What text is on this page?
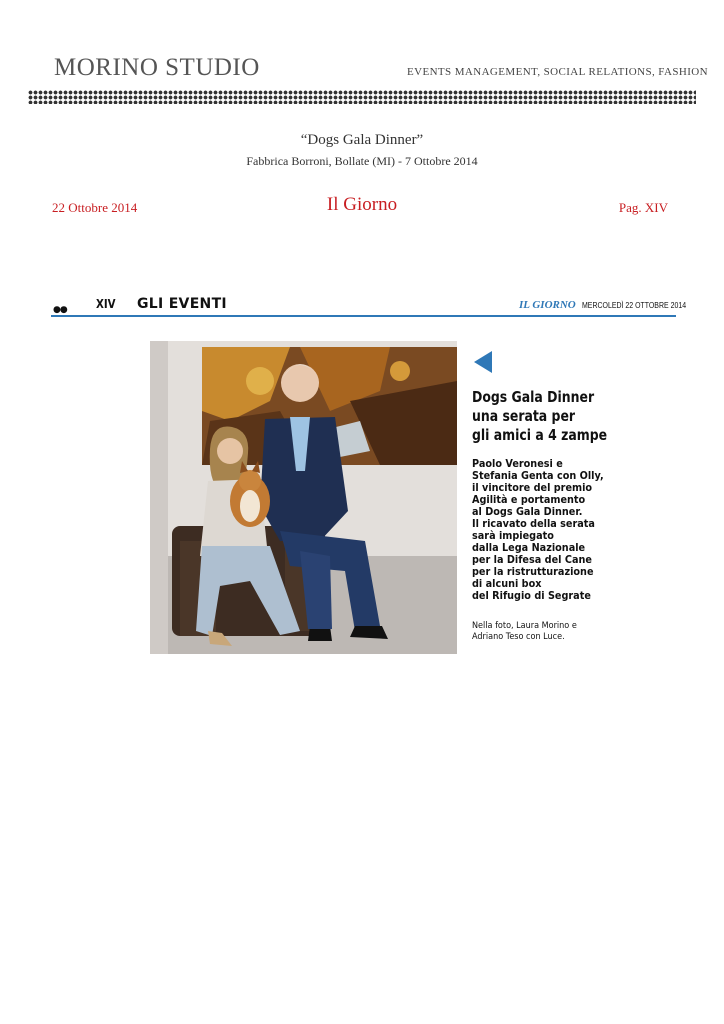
MORINO STUDIO	EVENTS MANAGEMENT, SOCIAL RELATIONS, FASHION
“Dogs Gala Dinner”
Fabbrica Borroni, Bollate (MI) - 7 Ottobre 2014
22 Ottobre 2014	Il Giorno	Pag. XIV
●● XIV GLI EVENTI	IL GIORNO MERCOLEDÌ 22 OTTOBRE 2014
Dogs Gala Dinner
una serata per
gli amici a 4 zampe
Paolo Veronesi e
Stefania Genta con Olly,
il vincitore del premio
Agilità e portamento
al Dogs Gala Dinner.
Il ricavato della serata
sarà impiegato
dalla Lega Nazionale
per la Difesa del Cane
per la ristrutturazione
di alcuni box
del Rifugio di Segrate
Nella foto, Laura Morino e
Adriano Teso con Luce.
